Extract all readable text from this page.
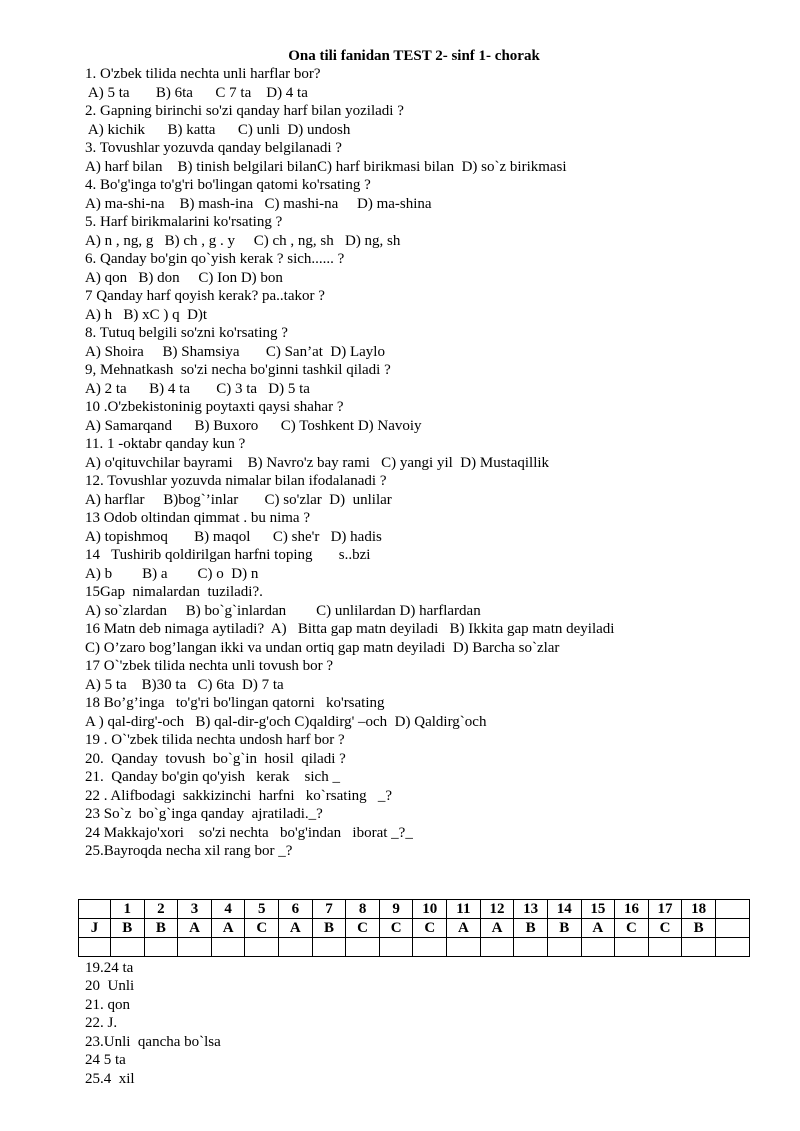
Ona tili fanidan TEST 2- sinf 1- chorak
1. O'zbek tilida nechta unli harflar bor?
A) 5 ta       B) 6ta      C 7 ta    D) 4 ta
2. Gapning birinchi so'zi qanday harf bilan yoziladi ?
A) kichik      B) katta      C) unli  D) undosh
3. Tovushlar yozuvda qanday belgilanadi ?
A) harf bilan    B) tinish belgilari bilanC) harf birikmasi bilan  D) so`z birikmasi
4. Bo'g'inga to'g'ri bo'lingan qatomi ko'rsating ?
A) ma-shi-na    B) mash-ina   C) mashi-na     D) ma-shina
5. Harf birikmalarini ko'rsating ?
A) n , ng, g   B) ch , g . y     C) ch , ng, sh   D) ng, sh
6. Qanday bo'gin qo`yish kerak ? sich...... ?
A) qon   B) don     C) Ion D) bon
7 Qanday harf qoyish kerak? pa..takor ?
A) h   B) xC ) q  D)t
8. Tutuq belgili so'zni ko'rsating ?
A) Shoira     B) Shamsiya       C) San’at  D) Laylo
9, Mehnatkash  so'zi necha bo'ginni tashkil qiladi ?
A) 2 ta      B) 4 ta       C) 3 ta   D) 5 ta
10 .O'zbekistoninig poytaxti qaysi shahar ?
A) Samarqand      B) Buxoro      C) Toshkent D) Navoiy
11. 1 -oktabr qanday kun ?
A) o'qituvchilar bayrami    B) Navro'z bay rami   C) yangi yil  D) Mustaqillik
12. Tovushlar yozuvda nimalar bilan ifodalanadi ?
A) harflar     B)bog`’inlar       C) so'zlar  D)  unlilar
13 Odob oltindan qimmat . bu nima ?
A) topishmoq       B) maqol      C) she'r   D) hadis
14   Tushirib qoldirilgan harfni toping       s..bzi
A) b        B) a        C) o  D) n
15Gap  nimalardan  tuziladi?.
A) so`zlardan     B) bo`g`inlardan        C) unlilardan D) harflardan
16 Matn deb nimaga aytiladi?  A)   Bitta gap matn deyiladi   B) Ikkita gap matn deyiladi
C) O’zaro bog’langan ikki va undan ortiq gap matn deyiladi  D) Barcha so`zlar
17 O`'zbek tilida nechta unli tovush bor ?
A) 5 ta    B)30 ta   C) 6ta  D) 7 ta
18 Bo’g’inga   to'g'ri bo'lingan qatorni   ko'rsating
A ) qal-dirg'-och   B) qal-dir-g'och C)qaldirg' –och  D) Qaldirg`och
19 . O`'zbek tilida nechta undosh harf bor ?
20.  Qanday  tovush  bo`g`in  hosil  qiladi ?
21.  Qanday bo'gin qo'yish   kerak    sich _
22 . Alifbodagi  sakkizinchi  harfni   ko`rsating   _?
23 So`z  bo`g`inga qanday  ajratiladi._?
24 Makkajo'xori    so'zi nechta   bo'g'indan   iborat _?_
25.Bayroqda necha xil rang bor _?
	1	2	3	4	5	6	7	8	9	10	11	12	13	14	15	16	17	18	
J	B	B	A	A	C	A	B	C	C	C	A	A	B	B	A	C	C	B	

19.24 ta
20  Unli
21. qon
22. J.
23.Unli  qancha bo`lsa
24 5 ta
25.4  xil
